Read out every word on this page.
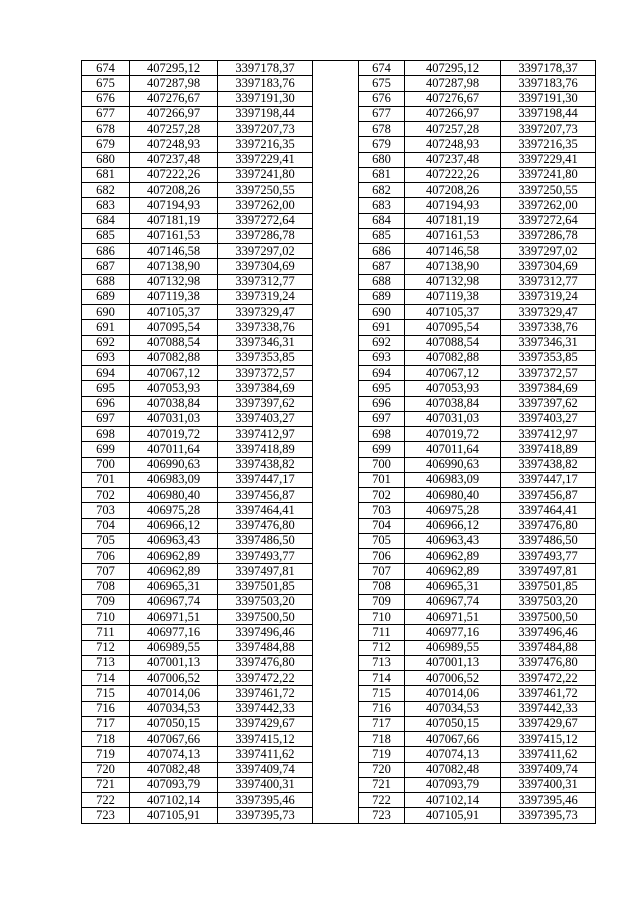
674	407295,12	3397178,37		674	407295,12	3397178,37
675	407287,98	3397183,76		675	407287,98	3397183,76
676	407276,67	3397191,30		676	407276,67	3397191,30
677	407266,97	3397198,44		677	407266,97	3397198,44
678	407257,28	3397207,73		678	407257,28	3397207,73
679	407248,93	3397216,35		679	407248,93	3397216,35
680	407237,48	3397229,41		680	407237,48	3397229,41
681	407222,26	3397241,80		681	407222,26	3397241,80
682	407208,26	3397250,55		682	407208,26	3397250,55
683	407194,93	3397262,00		683	407194,93	3397262,00
684	407181,19	3397272,64		684	407181,19	3397272,64
685	407161,53	3397286,78		685	407161,53	3397286,78
686	407146,58	3397297,02		686	407146,58	3397297,02
687	407138,90	3397304,69		687	407138,90	3397304,69
688	407132,98	3397312,77		688	407132,98	3397312,77
689	407119,38	3397319,24		689	407119,38	3397319,24
690	407105,37	3397329,47		690	407105,37	3397329,47
691	407095,54	3397338,76		691	407095,54	3397338,76
692	407088,54	3397346,31		692	407088,54	3397346,31
693	407082,88	3397353,85		693	407082,88	3397353,85
694	407067,12	3397372,57		694	407067,12	3397372,57
695	407053,93	3397384,69		695	407053,93	3397384,69
696	407038,84	3397397,62		696	407038,84	3397397,62
697	407031,03	3397403,27		697	407031,03	3397403,27
698	407019,72	3397412,97		698	407019,72	3397412,97
699	407011,64	3397418,89		699	407011,64	3397418,89
700	406990,63	3397438,82		700	406990,63	3397438,82
701	406983,09	3397447,17		701	406983,09	3397447,17
702	406980,40	3397456,87		702	406980,40	3397456,87
703	406975,28	3397464,41		703	406975,28	3397464,41
704	406966,12	3397476,80		704	406966,12	3397476,80
705	406963,43	3397486,50		705	406963,43	3397486,50
706	406962,89	3397493,77		706	406962,89	3397493,77
707	406962,89	3397497,81		707	406962,89	3397497,81
708	406965,31	3397501,85		708	406965,31	3397501,85
709	406967,74	3397503,20		709	406967,74	3397503,20
710	406971,51	3397500,50		710	406971,51	3397500,50
711	406977,16	3397496,46		711	406977,16	3397496,46
712	406989,55	3397484,88		712	406989,55	3397484,88
713	407001,13	3397476,80		713	407001,13	3397476,80
714	407006,52	3397472,22		714	407006,52	3397472,22
715	407014,06	3397461,72		715	407014,06	3397461,72
716	407034,53	3397442,33		716	407034,53	3397442,33
717	407050,15	3397429,67		717	407050,15	3397429,67
718	407067,66	3397415,12		718	407067,66	3397415,12
719	407074,13	3397411,62		719	407074,13	3397411,62
720	407082,48	3397409,74		720	407082,48	3397409,74
721	407093,79	3397400,31		721	407093,79	3397400,31
722	407102,14	3397395,46		722	407102,14	3397395,46
723	407105,91	3397395,73		723	407105,91	3397395,73
